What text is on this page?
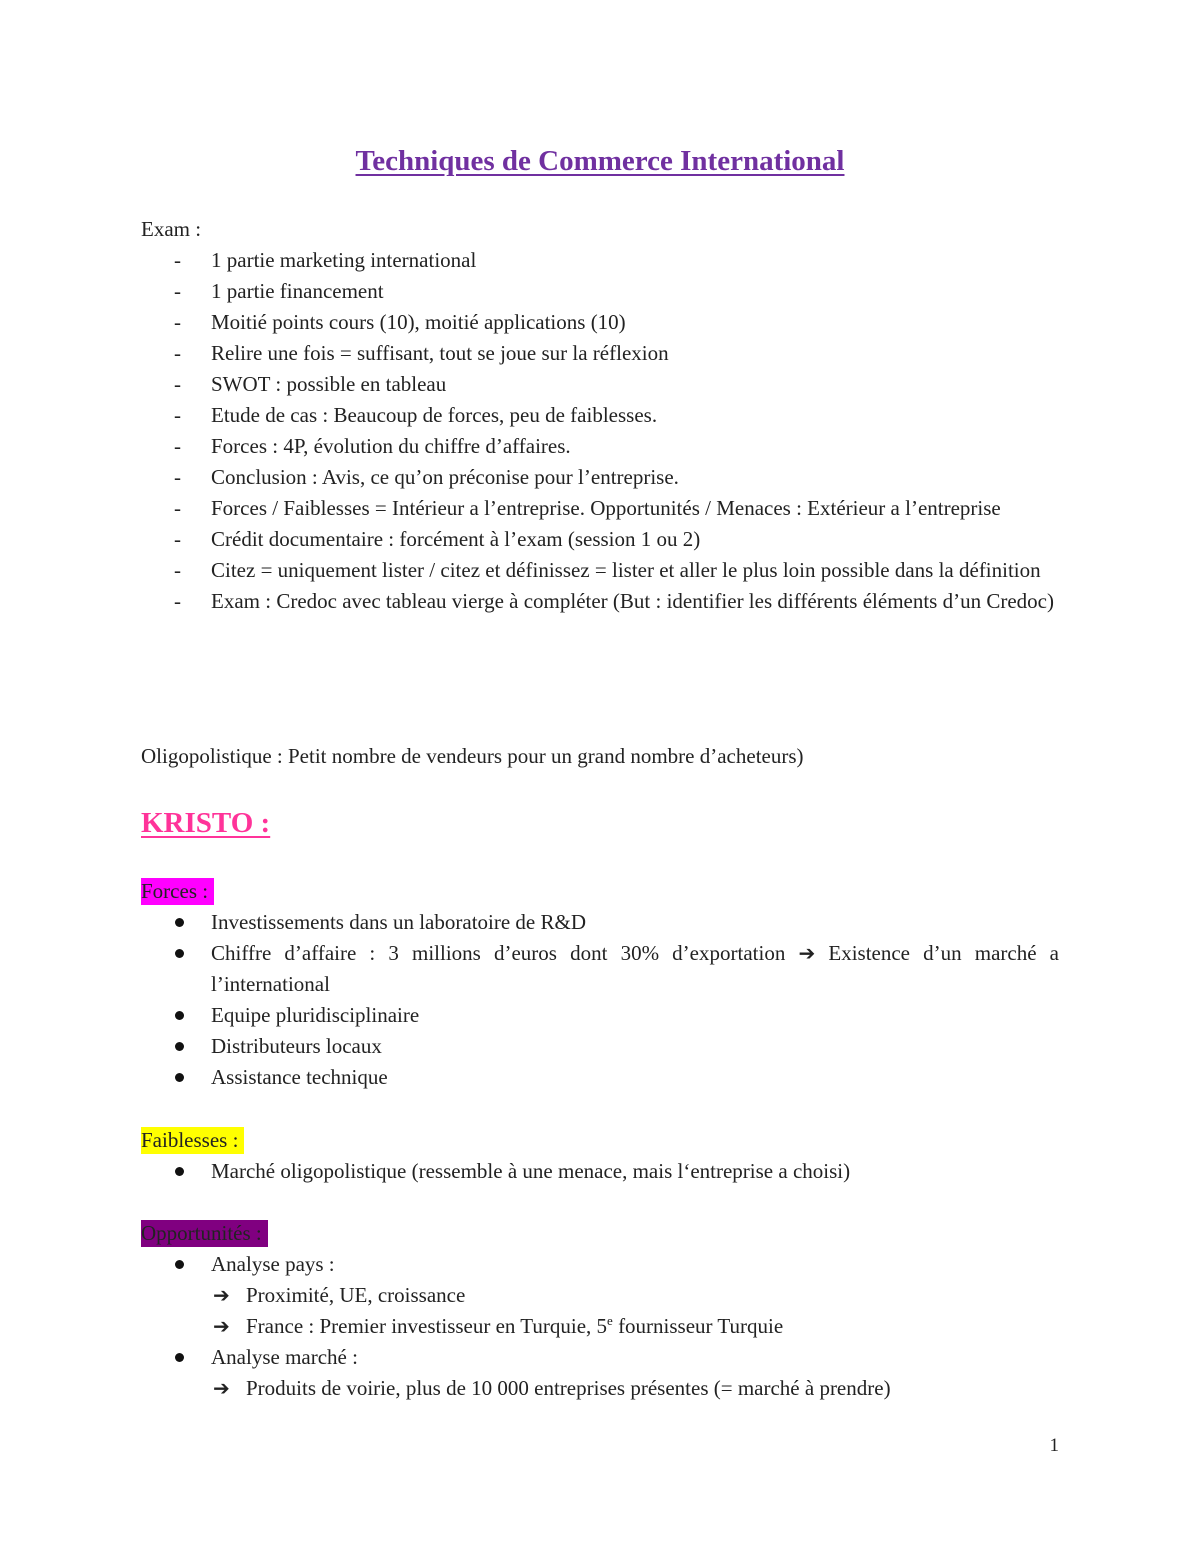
Techniques de Commerce International
Exam :
- 1 partie marketing international
- 1 partie financement
- Moitié points cours (10), moitié applications (10)
- Relire une fois = suffisant, tout se joue sur la réflexion
- SWOT : possible en tableau
- Etude de cas : Beaucoup de forces, peu de faiblesses.
- Forces : 4P, évolution du chiffre d’affaires.
- Conclusion : Avis, ce qu’on préconise pour l’entreprise.
- Forces / Faiblesses = Intérieur a l’entreprise. Opportunités / Menaces : Extérieur a l’entreprise
- Crédit documentaire : forcément à l’exam (session 1 ou 2)
- Citez = uniquement lister / citez et définissez = lister et aller le plus loin possible dans la définition
- Exam : Credoc avec tableau vierge à compléter (But : identifier les différents éléments d’un Credoc)
Oligopolistique : Petit nombre de vendeurs pour un grand nombre d’acheteurs)
KRISTO :
Forces :
Investissements dans un laboratoire de R&D
Chiffre d’affaire : 3 millions d’euros dont 30% d’exportation ➔ Existence d’un marché a l’international
Equipe pluridisciplinaire
Distributeurs locaux
Assistance technique
Faiblesses :
Marché oligopolistique (ressemble à une menace, mais l‘entreprise a choisi)
Opportunités :
Analyse pays :
➔ Proximité, UE, croissance
➔ France : Premier investisseur en Turquie, 5e fournisseur Turquie
Analyse marché :
➔ Produits de voirie, plus de 10 000 entreprises présentes (= marché à prendre)
1
